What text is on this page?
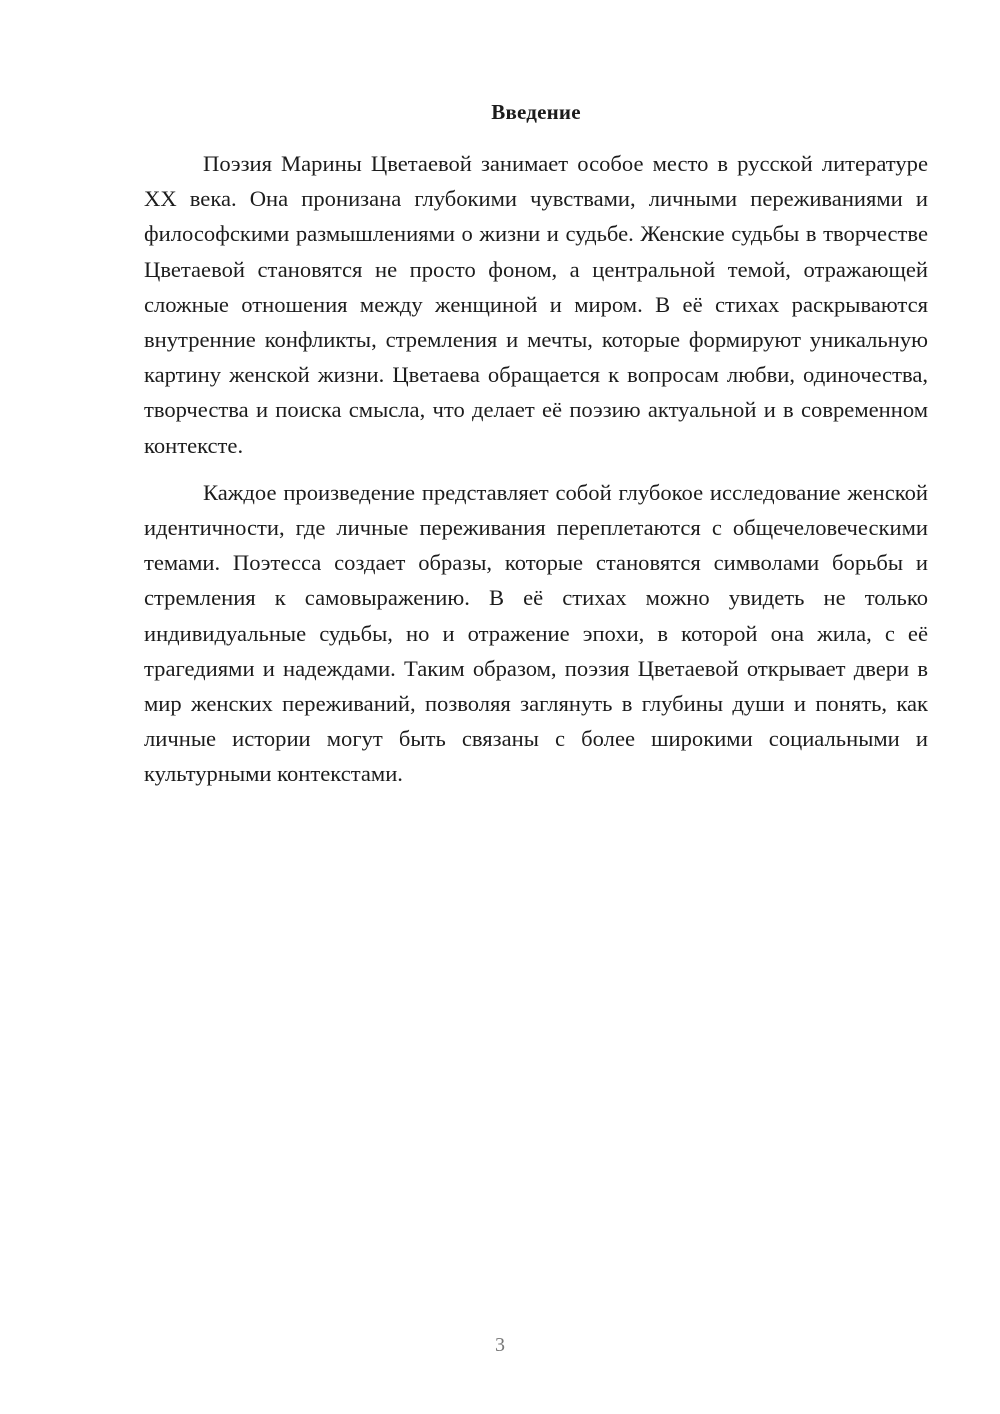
Введение

Поэзия Марины Цветаевой занимает особое место в русской литературе XX века. Она пронизана глубокими чувствами, личными переживаниями и философскими размышлениями о жизни и судьбе. Женские судьбы в творчестве Цветаевой становятся не просто фоном, а центральной темой, отражающей сложные отношения между женщиной и миром. В её стихах раскрываются внутренние конфликты, стремления и мечты, которые формируют уникальную картину женской жизни. Цветаева обращается к вопросам любви, одиночества, творчества и поиска смысла, что делает её поэзию актуальной и в современном контексте.

Каждое произведение представляет собой глубокое исследование женской идентичности, где личные переживания переплетаются с общечеловеческими темами. Поэтесса создает образы, которые становятся символами борьбы и стремления к самовыражению. В её стихах можно увидеть не только индивидуальные судьбы, но и отражение эпохи, в которой она жила, с её трагедиями и надеждами. Таким образом, поэзия Цветаевой открывает двери в мир женских переживаний, позволяя заглянуть в глубины души и понять, как личные истории могут быть связаны с более широкими социальными и культурными контекстами.

3
